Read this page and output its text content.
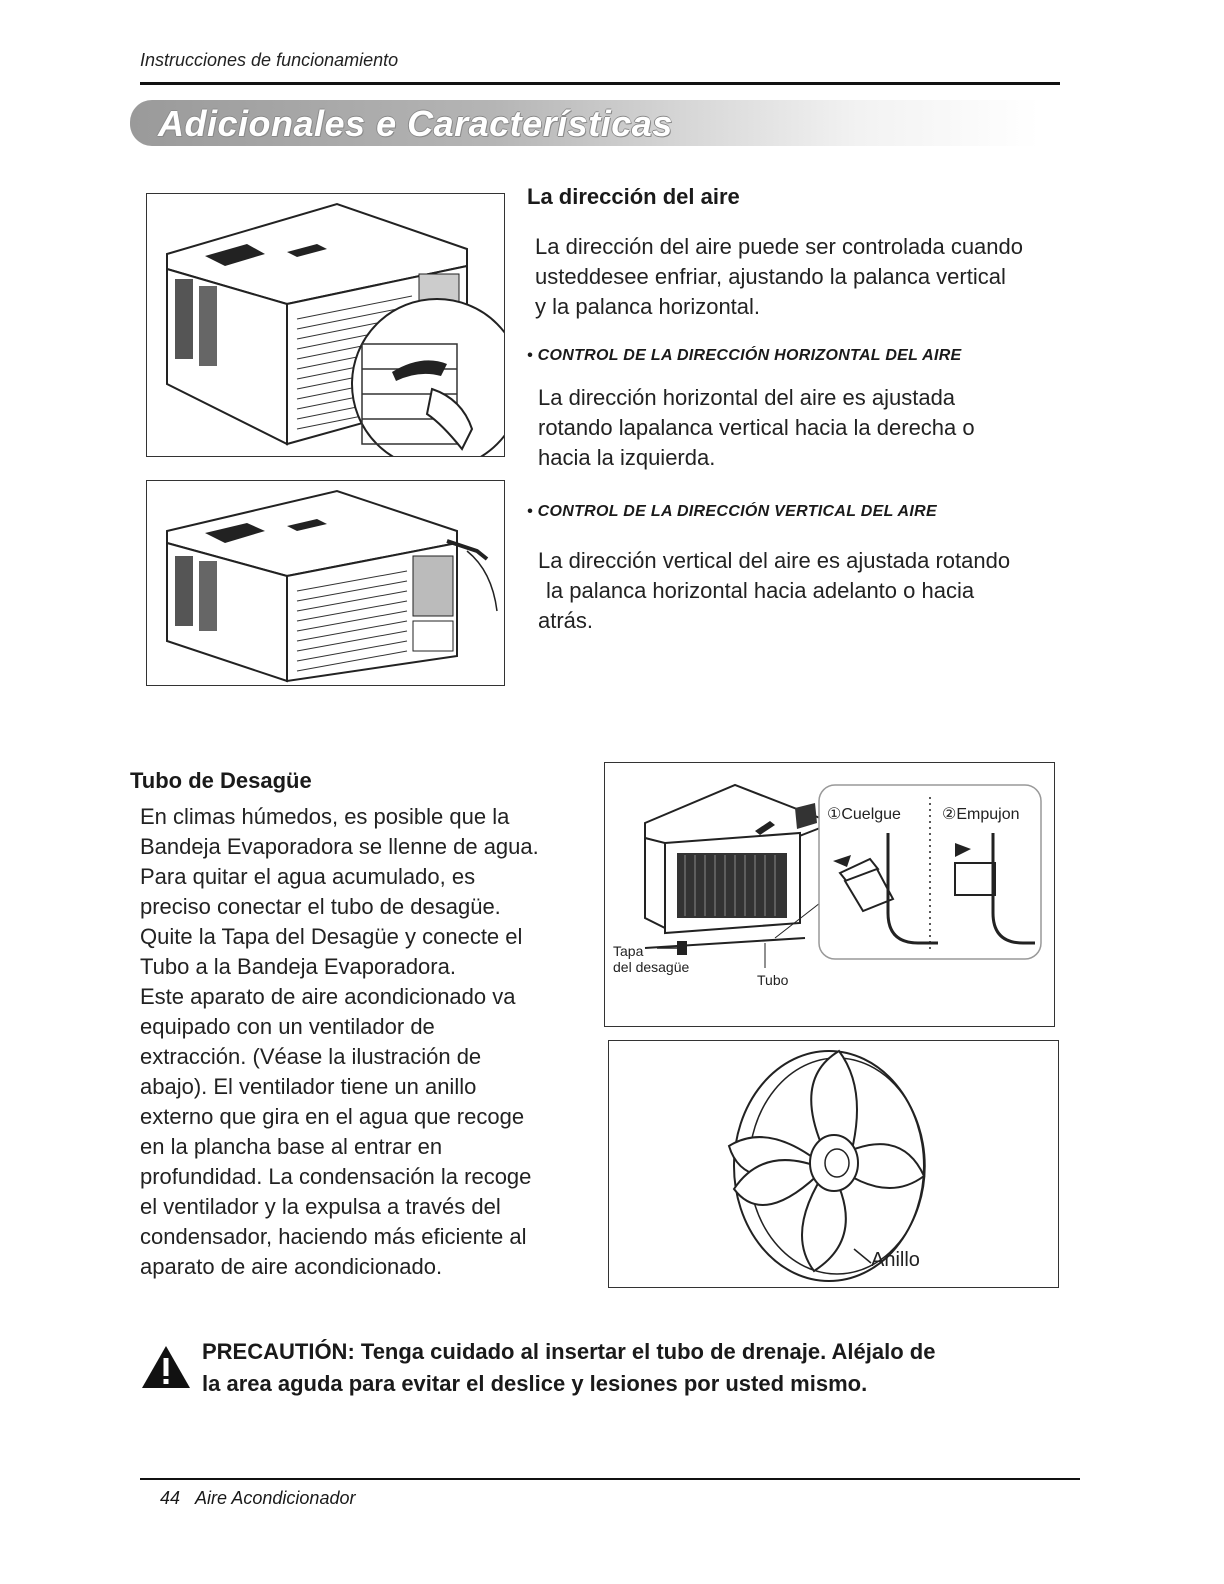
Instrucciones de funcionamiento
Adicionales e Características
La dirección del aire
La dirección del aire puede ser controlada cuando
usteddesee enfriar, ajustando la palanca vertical
y la palanca horizontal.
• CONTROL DE LA DIRECCIÓN HORIZONTAL DEL AIRE
La dirección horizontal del aire es ajustada
rotando lapalanca vertical hacia la derecha o
hacia la izquierda.
• CONTROL DE LA DIRECCIÓN VERTICAL DEL AIRE
La dirección vertical del aire es ajustada rotando
la palanca horizontal hacia adelanto o hacia
atrás.
Tubo de Desagüe
En climas húmedos, es posible que la
Bandeja Evaporadora se llenne de agua.
Para quitar el agua acumulado, es
preciso conectar el tubo de desagüe.
Quite la Tapa del Desagüe y conecte el
Tubo a la Bandeja Evaporadora.
Este aparato de aire acondicionado va
equipado con un ventilador de
extracción. (Véase la ilustración de
abajo). El ventilador tiene un anillo
externo que gira en el agua que recoge
en la plancha base al entrar en
profundidad. La condensación la recoge
el ventilador y la expulsa a través del
condensador, haciendo más eficiente al
aparato de aire acondicionado.
①Cuelgue	②Empujon
Tapa
del desagüe
Tubo
Anillo
PRECAUTIÓN: Tenga cuidado al insertar el tubo de drenaje. Aléjalo de
la area aguda para evitar el deslice y lesiones por usted mismo.
44 Aire Acondicionador
